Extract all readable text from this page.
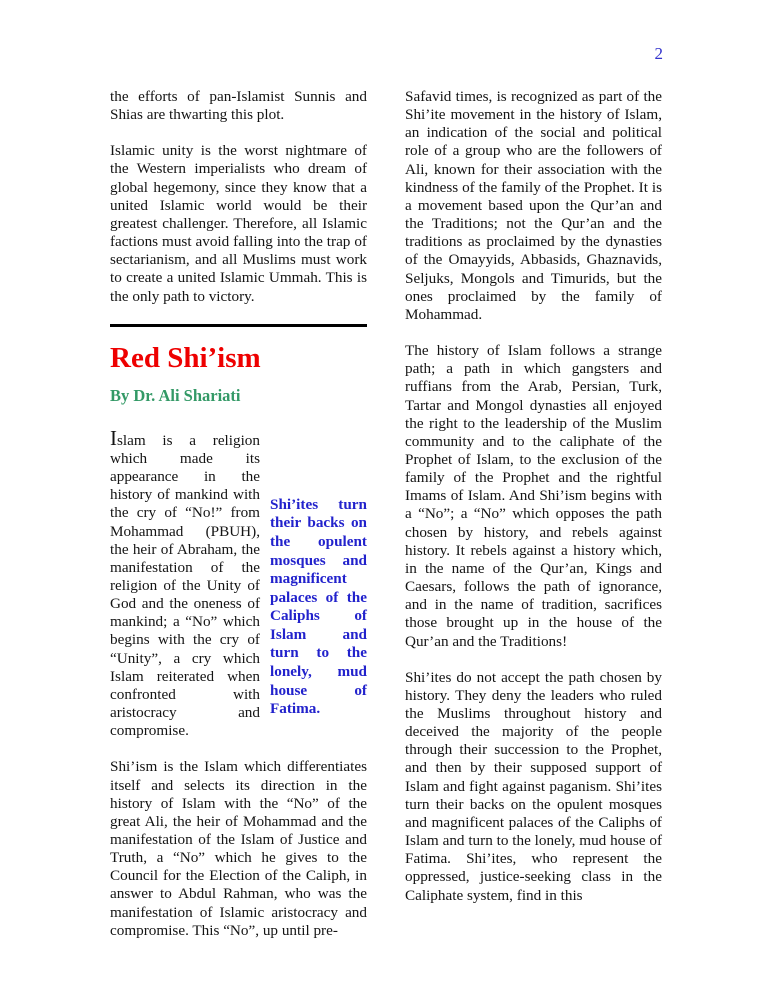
2

the efforts of pan-Islamist Sunnis and Shias are thwarting this plot.

Islamic unity is the worst nightmare of the Western imperialists who dream of global hegemony, since they know that a united Islamic world would be their greatest challenger. Therefore, all Islamic factions must avoid falling into the trap of sectarianism, and all Muslims must work to create a united Islamic Ummah. This is the only path to victory.

Red Shi’ism
By Dr. Ali Shariati

Shi’ites turn their backs on the opulent mosques and magnificent palaces of the Caliphs of Islam and turn to the lonely, mud house of Fatima.
Islam is a religion which made its appearance in the history of mankind with the cry of “No!” from Mohammad (PBUH), the heir of Abraham, the manifestation of the religion of the Unity of God and the oneness of mankind; a “No” which begins with the cry of “Unity”, a cry which Islam reiterated when confronted with aristocracy and compromise.

Shi’ism is the Islam which differentiates itself and selects its direction in the history of Islam with the “No” of the great Ali, the heir of Mohammad and the manifestation of the Islam of Justice and Truth, a “No” which he gives to the Council for the Election of the Caliph, in answer to Abdul Rahman, who was the manifestation of Islamic aristocracy and compromise. This “No”, up until pre-

Safavid times, is recognized as part of the Shi’ite movement in the history of Islam, an indication of the social and political role of a group who are the followers of Ali, known for their association with the kindness of the family of the Prophet. It is a movement based upon the Qur’an and the Traditions; not the Qur’an and the traditions as proclaimed by the dynasties of the Omayyids, Abbasids, Ghaznavids, Seljuks, Mongols and Timurids, but the ones proclaimed by the family of Mohammad.

The history of Islam follows a strange path; a path in which gangsters and ruffians from the Arab, Persian, Turk, Tartar and Mongol dynasties all enjoyed the right to the leadership of the Muslim community and to the caliphate of the Prophet of Islam, to the exclusion of the family of the Prophet and the rightful Imams of Islam. And Shi’ism begins with a “No”; a “No” which opposes the path chosen by history, and rebels against history. It rebels against a history which, in the name of the Qur’an, Kings and Caesars, follows the path of ignorance, and in the name of tradition, sacrifices those brought up in the house of the Qur’an and the Traditions!

Shi’ites do not accept the path chosen by history. They deny the leaders who ruled the Muslims throughout history and deceived the majority of the people through their succession to the Prophet, and then by their supposed support of Islam and fight against paganism. Shi’ites turn their backs on the opulent mosques and magnificent palaces of the Caliphs of Islam and turn to the lonely, mud house of Fatima. Shi’ites, who represent the oppressed, justice-seeking class in the Caliphate system, find in this
